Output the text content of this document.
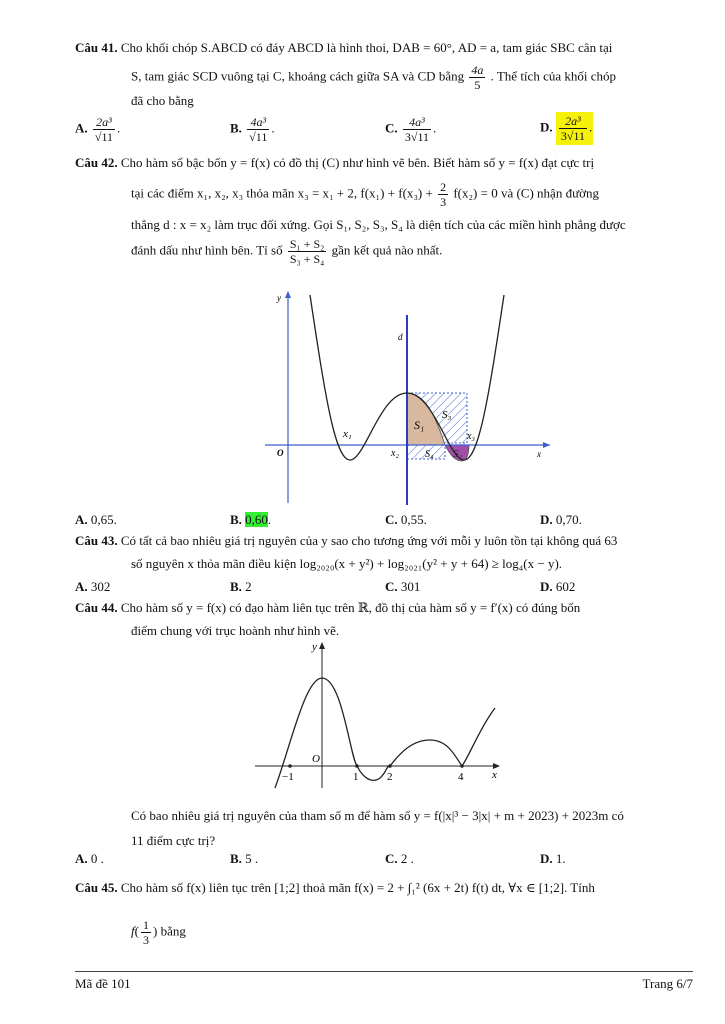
Câu 41. Cho khối chóp S.ABCD có đáy ABCD là hình thoi, DAB = 60°, AD = a, tam giác SBC cân tại
S, tam giác SCD vuông tại C, khoảng cách giữa SA và CD bằng $\frac{4a}{5}$ . Thể tích của khối chóp
đã cho bằng
A. $\frac{\text{2a³}}{√11}$ .	B. $\frac{\text{4a³}}{√11}$ .	C. $\frac{\text{4a³}}{3√11}$ .	D. $\frac{\text{2a³}}{3√11}$ .
Câu 42. Cho hàm số bậc bốn y = f(x) có đồ thị (C) như hình vẽ bên. Biết hàm số y = f(x) đạt cực trị
tại các điểm x₁, x₂, x₃ thỏa mãn x₃ = x₁ + 2, $f(x_1) + f(x_3) + \frac{2}{3} f(x_2) = 0$ và (C) nhận đường
thẳng d : x = x₂ làm trục đối xứng. Gọi S₁, S₂, S₃, S₄ là diện tích của các miền hình phẳng được
đánh dấu như hình bên. Tỉ số $\frac{\text{S₁ + S₂}}{\text{S₃ + S₄}}$ gần kết quả nào nhất.
y
x
O
d
x₁
x₂
x₃
S₁
S₂
S₃
S₄
A. 0,65.	B. 0,60.	C. 0,55.	D. 0,70.
Câu 43. Có tất cả bao nhiêu giá trị nguyên của y sao cho tương ứng với mỗi y luôn tồn tại không quá 63
số nguyên x thỏa mãn điều kiện log₂₀₂₀(x + y²) + log₂₀₂₁(y² + y + 64) ≥ log₄(x − y).
A. 302	B. 2	C. 301	D. 602
Câu 44. Cho hàm số y = f(x) có đạo hàm liên tục trên ℝ, đồ thị của hàm số y = f′(x) có đúng bốn
điểm chung với trục hoành như hình vẽ.
y
x
O
−1	1	2	4
Có bao nhiêu giá trị nguyên của tham số m để hàm số y = f(|x|³ − 3|x| + m + 2023) + 2023m có
11 điểm cực trị?
A. 0 .	B. 5 .	C. 2 .	D. 1.
Câu 45. Cho hàm số f(x) liên tục trên [1;2] thoả mãn f(x) = 2 + ∫₁² (6x + 2t) f(t) dt, ∀x ∈ [1;2]. Tính
$f( \frac{1}{3}$ ) bằng
Mã đề 101	Trang 6/7
